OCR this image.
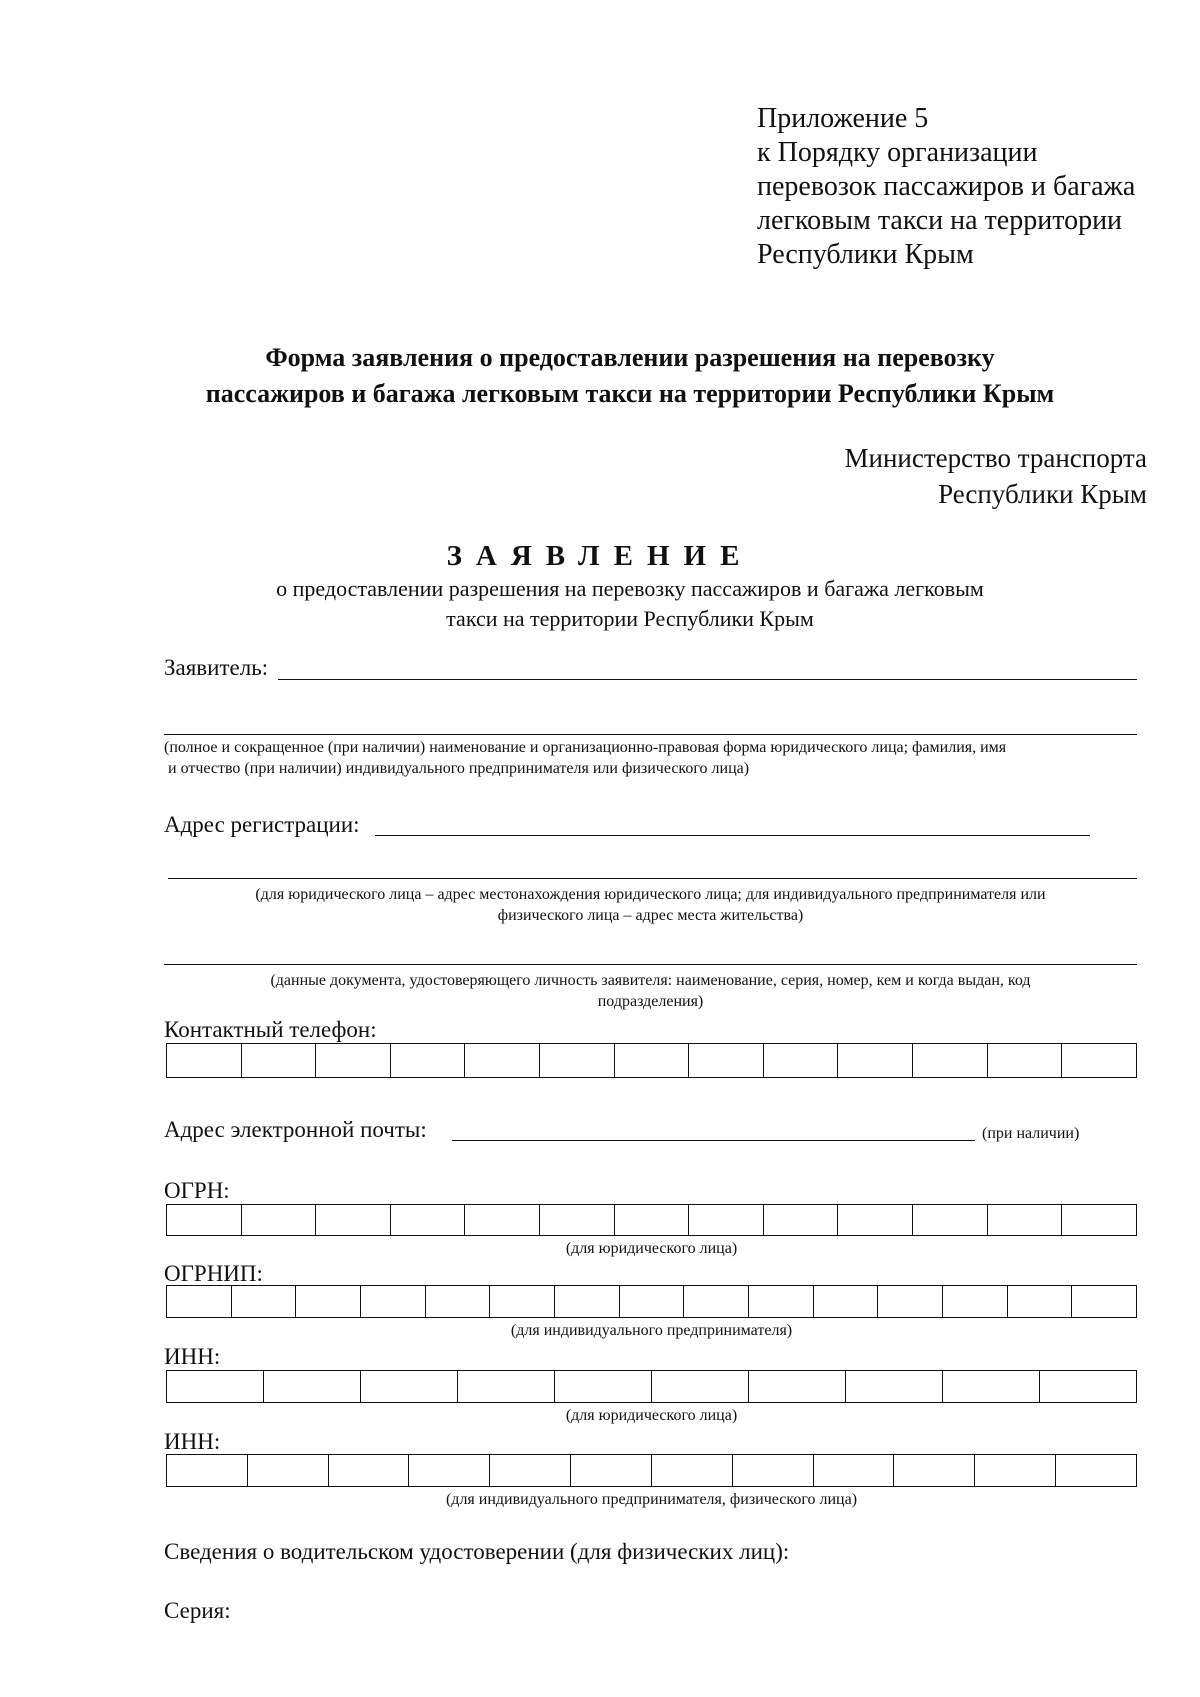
Приложение 5
к Порядку организации
перевозок пассажиров и багажа
легковым такси на территории
Республики Крым
Форма заявления о предоставлении разрешения на перевозку
пассажиров и багажа легковым такси на территории Республики Крым
Министерство транспорта
Республики Крым
ЗАЯВЛЕНИЕ
о предоставлении разрешения на перевозку пассажиров и багажа легковым
такси на территории Республики Крым
Заявитель:
(полное и сокращенное (при наличии) наименование и организационно-правовая форма юридического лица; фамилия, имя
и отчество (при наличии) индивидуального предпринимателя или физического лица)
Адрес регистрации:
(для юридического лица – адрес местонахождения юридического лица; для индивидуального предпринимателя или
физического лица – адрес места жительства)
(данные документа, удостоверяющего личность заявителя: наименование, серия, номер, кем и когда выдан, код
подразделения)
Контактный телефон:
Адрес электронной почты:	(при наличии)
ОГРН:
(для юридического лица)
ОГРНИП:
(для индивидуального предпринимателя)
ИНН:
(для юридического лица)
ИНН:
(для индивидуального предпринимателя, физического лица)
Сведения о водительском удостоверении (для физических лиц):
Серия:
